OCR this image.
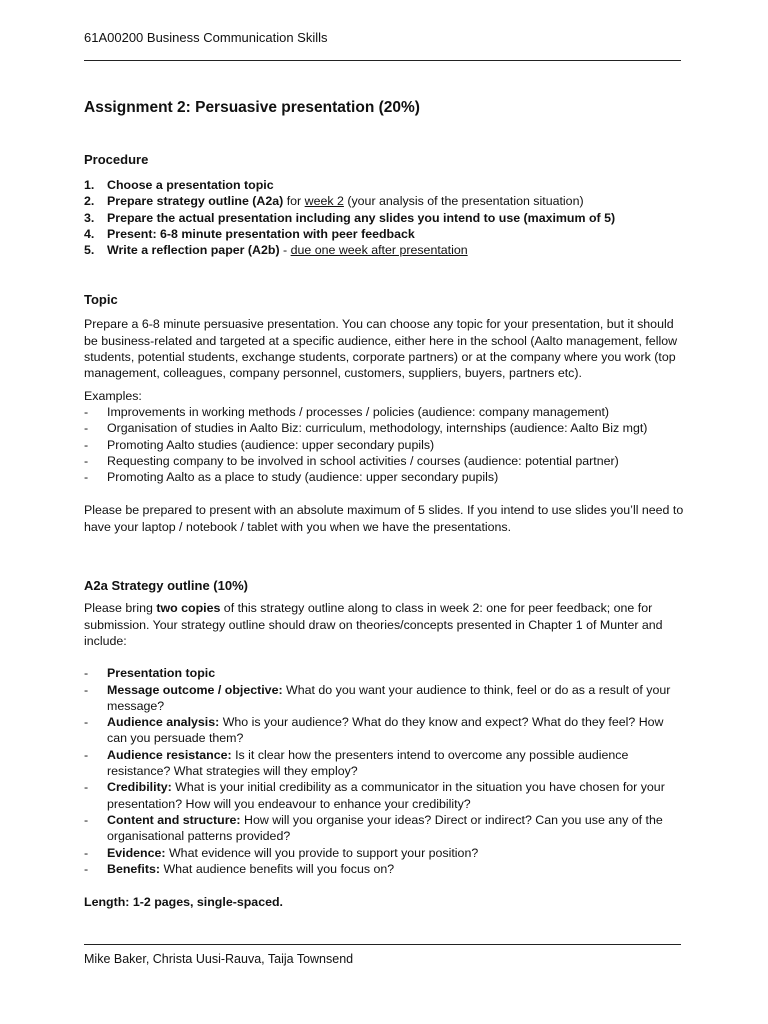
61A00200 Business Communication Skills
Assignment 2: Persuasive presentation (20%)
Procedure
1. Choose a presentation topic
2. Prepare strategy outline (A2a) for week 2 (your analysis of the presentation situation)
3. Prepare the actual presentation including any slides you intend to use (maximum of 5)
4. Present: 6-8 minute presentation with peer feedback
5. Write a reflection paper (A2b) - due one week after presentation
Topic

Prepare a 6-8 minute persuasive presentation. You can choose any topic for your presentation, but it should be business-related and targeted at a specific audience, either here in the school (Aalto management, fellow students, potential students, exchange students, corporate partners) or at the company where you work (top management, colleagues, company personnel, customers, suppliers, buyers, partners etc).

Examples:

- Improvements in working methods / processes / policies (audience: company management)
- Organisation of studies in Aalto Biz: curriculum, methodology, internships (audience: Aalto Biz mgt)
- Promoting Aalto studies (audience: upper secondary pupils)
- Requesting company to be involved in school activities / courses (audience: potential partner)
- Promoting Aalto as a place to study (audience: upper secondary pupils)

Please be prepared to present with an absolute maximum of 5 slides. If you intend to use slides you’ll need to have your laptop / notebook / tablet with you when we have the presentations.

A2a Strategy outline (10%)

Please bring two copies of this strategy outline along to class in week 2: one for peer feedback; one for submission. Your strategy outline should draw on theories/concepts presented in Chapter 1 of Munter and include:

- Presentation topic
- Message outcome / objective: What do you want your audience to think, feel or do as a result of your message?
- Audience analysis: Who is your audience? What do they know and expect? What do they feel? How can you persuade them?
- Audience resistance: Is it clear how the presenters intend to overcome any possible audience resistance? What strategies will they employ?
- Credibility: What is your initial credibility as a communicator in the situation you have chosen for your presentation? How will you endeavour to enhance your credibility?
- Content and structure: How will you organise your ideas? Direct or indirect? Can you use any of the organisational patterns provided?
- Evidence: What evidence will you provide to support your position?
- Benefits: What audience benefits will you focus on?

Length: 1-2 pages, single-spaced.

Mike Baker, Christa Uusi-Rauva, Taija Townsend
